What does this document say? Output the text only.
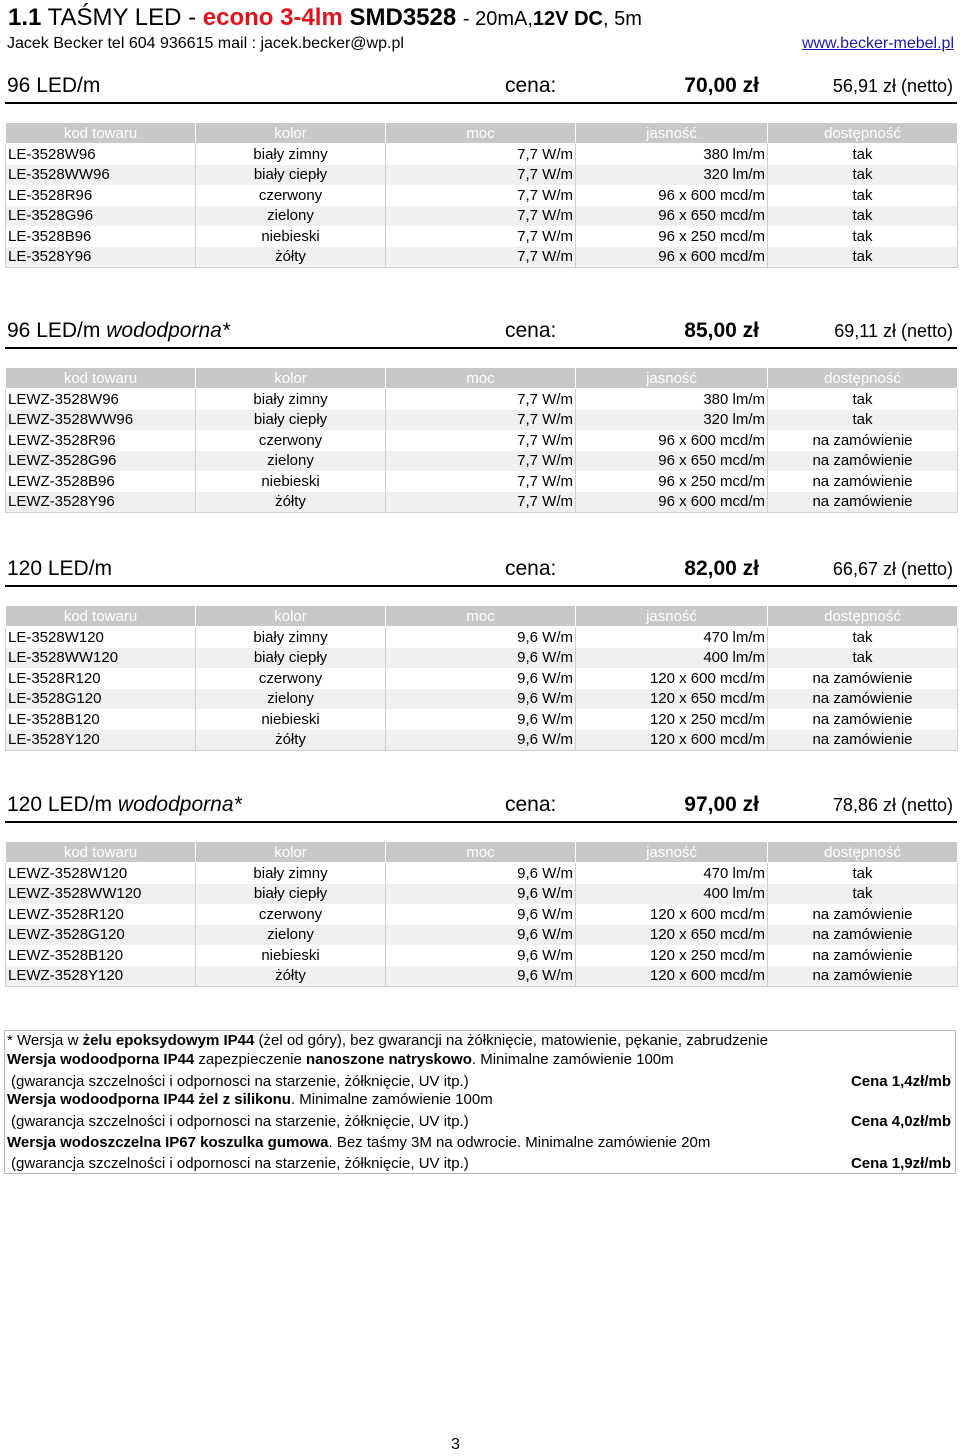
1.1 TAŚMY LED - econo 3-4lm SMD3528 - 20mA,12V DC, 5m
Jacek Becker tel 604 936615 mail : jacek.becker@wp.pl	www.becker-mebel.pl
96 LED/m	cena:	70,00 zł	56,91 zł (netto)
kod towaru	kolor	moc	jasność	dostępność
LE-3528W96	biały zimny	7,7 W/m	380 lm/m	tak
LE-3528WW96	biały ciepły	7,7 W/m	320 lm/m	tak
LE-3528R96	czerwony	7,7 W/m	96 x 600 mcd/m	tak
LE-3528G96	zielony	7,7 W/m	96 x 650 mcd/m	tak
LE-3528B96	niebieski	7,7 W/m	96 x 250 mcd/m	tak
LE-3528Y96	żółty	7,7 W/m	96 x 600 mcd/m	tak
96 LED/m wododporna*	cena:	85,00 zł	69,11 zł (netto)
kod towaru	kolor	moc	jasność	dostępność
LEWZ-3528W96	biały zimny	7,7 W/m	380 lm/m	tak
LEWZ-3528WW96	biały ciepły	7,7 W/m	320 lm/m	tak
LEWZ-3528R96	czerwony	7,7 W/m	96 x 600 mcd/m	na zamówienie
LEWZ-3528G96	zielony	7,7 W/m	96 x 650 mcd/m	na zamówienie
LEWZ-3528B96	niebieski	7,7 W/m	96 x 250 mcd/m	na zamówienie
LEWZ-3528Y96	żółty	7,7 W/m	96 x 600 mcd/m	na zamówienie
120 LED/m	cena:	82,00 zł	66,67 zł (netto)
kod towaru	kolor	moc	jasność	dostępność
LE-3528W120	biały zimny	9,6 W/m	470 lm/m	tak
LE-3528WW120	biały ciepły	9,6 W/m	400 lm/m	tak
LE-3528R120	czerwony	9,6 W/m	120 x 600 mcd/m	na zamówienie
LE-3528G120	zielony	9,6 W/m	120 x 650 mcd/m	na zamówienie
LE-3528B120	niebieski	9,6 W/m	120 x 250 mcd/m	na zamówienie
LE-3528Y120	żółty	9,6 W/m	120 x 600 mcd/m	na zamówienie
120 LED/m wododporna*	cena:	97,00 zł	78,86 zł (netto)
kod towaru	kolor	moc	jasność	dostępność
LEWZ-3528W120	biały zimny	9,6 W/m	470 lm/m	tak
LEWZ-3528WW120	biały ciepły	9,6 W/m	400 lm/m	tak
LEWZ-3528R120	czerwony	9,6 W/m	120 x 600 mcd/m	na zamówienie
LEWZ-3528G120	zielony	9,6 W/m	120 x 650 mcd/m	na zamówienie
LEWZ-3528B120	niebieski	9,6 W/m	120 x 250 mcd/m	na zamówienie
LEWZ-3528Y120	żółty	9,6 W/m	120 x 600 mcd/m	na zamówienie
* Wersja w żelu epoksydowym IP44 (żel od góry), bez gwarancji na żółknięcie, matowienie, pękanie, zabrudzenie
Wersja wodoodporna IP44 zapezpieczenie nanoszone natryskowo. Minimalne zamówienie 100m
(gwarancja szczelności i odpornosci na starzenie, żółknięcie, UV itp.)	Cena 1,4zł/mb
Wersja wodoodporna IP44 żel z silikonu. Minimalne zamówienie 100m
(gwarancja szczelności i odpornosci na starzenie, żółknięcie, UV itp.)	Cena 4,0zł/mb
Wersja wodoszczelna IP67 koszulka gumowa. Bez taśmy 3M na odwrocie. Minimalne zamówienie 20m
(gwarancja szczelności i odpornosci na starzenie, żółknięcie, UV itp.)	Cena 1,9zł/mb
3
